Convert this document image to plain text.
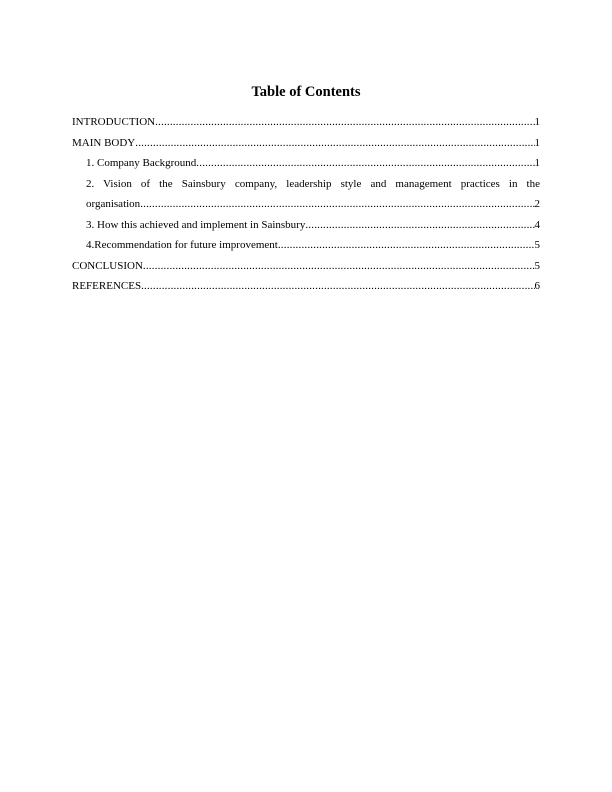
Table of Contents
INTRODUCTION .....	1
MAIN BODY .....	1
1. Company Background .....	1
2. Vision of the Sainsbury company, leadership style and management practices in the
organisation .....	2
3. How this achieved and implement in Sainsbury .....	4
4.Recommendation for future improvement .....	5
CONCLUSION .....	5
REFERENCES .....	6
